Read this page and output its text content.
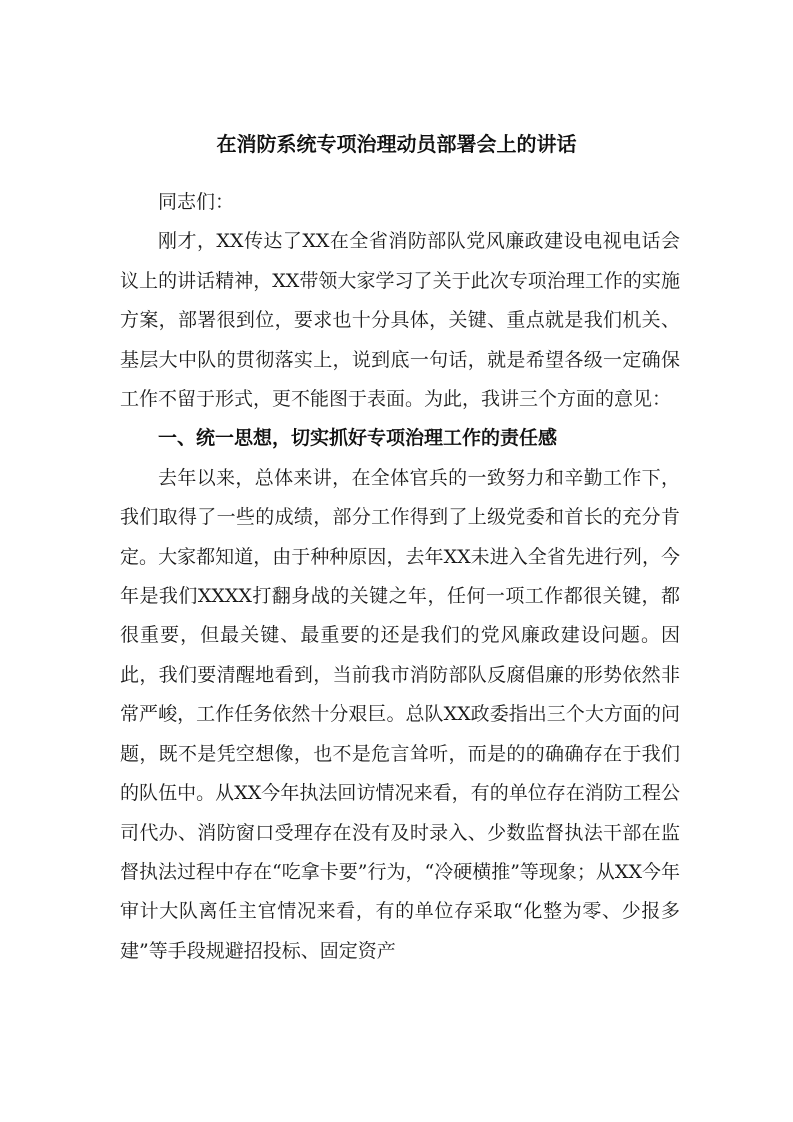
在消防系统专项治理动员部署会上的讲话

同志们：

刚才，XX传达了XX在全省消防部队党风廉政建设电视电话会议上的讲话精神，XX带领大家学习了关于此次专项治理工作的实施方案，部署很到位，要求也十分具体，关键、重点就是我们机关、基层大中队的贯彻落实上，说到底一句话，就是希望各级一定确保工作不留于形式，更不能图于表面。为此，我讲三个方面的意见：

一、统一思想，切实抓好专项治理工作的责任感

去年以来，总体来讲，在全体官兵的一致努力和辛勤工作下，我们取得了一些的成绩，部分工作得到了上级党委和首长的充分肯定。大家都知道，由于种种原因，去年XX未进入全省先进行列，今年是我们XXXX打翻身战的关键之年，任何一项工作都很关键，都很重要，但最关键、最重要的还是我们的党风廉政建设问题。因此，我们要清醒地看到，当前我市消防部队反腐倡廉的形势依然非常严峻，工作任务依然十分艰巨。总队XX政委指出三个大方面的问题，既不是凭空想像，也不是危言耸听，而是的的确确存在于我们的队伍中。从XX今年执法回访情况来看，有的单位存在消防工程公司代办、消防窗口受理存在没有及时录入、少数监督执法干部在监督执法过程中存在“吃拿卡要”行为，“冷硬横推”等现象；从XX今年审计大队离任主官情况来看，有的单位存采取“化整为零、少报多建”等手段规避招投标、固定资产
